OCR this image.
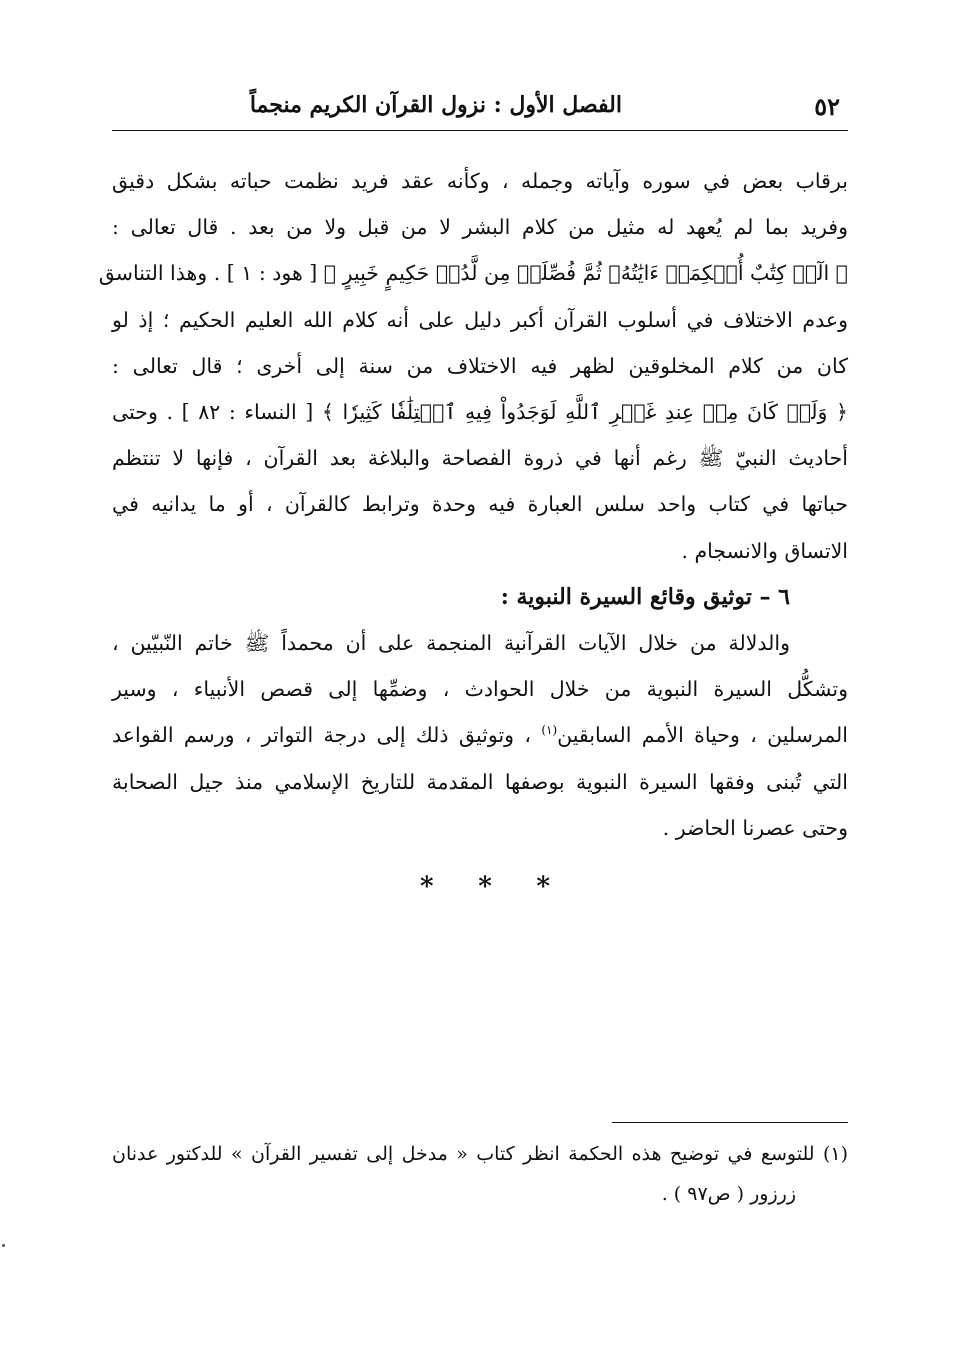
٥٢
الفصل الأول : نزول القرآن الكريم منجماً

برقاب بعض في سوره وآياته وجمله ، وكأنه عقد فريد نظمت حباته بشكل دقيق
وفريد بما لم يُعهد له مثيل من كلام البشر لا من قبل ولا من بعد . قال تعالى :
﴿ الٓرۚ كِتَٰبٌ أُحۡكِمَتۡ ءَايَٰتُهُۥ ثُمَّ فُصِّلَتۡ مِن لَّدُنۡ حَكِيمٍ خَبِيرٍ ﴾ [ هود : ١ ] . وهذا التناسق
وعدم الاختلاف في أسلوب القرآن أكبر دليل على أنه كلام الله العليم الحكيم ؛ إذ لو
كان من كلام المخلوقين لظهر فيه الاختلاف من سنة إلى أخرى ؛ قال تعالى :
﴿ وَلَوۡ كَانَ مِنۡ عِندِ غَيۡرِ ٱللَّهِ لَوَجَدُواْ فِيهِ ٱخۡتِلَٰفٗا كَثِيرٗا ﴾ [ النساء : ٨٢ ] . وحتى
أحاديث النبيّ ﷺ رغم أنها في ذروة الفصاحة والبلاغة بعد القرآن ، فإنها لا تنتظم
حباتها في كتاب واحد سلس العبارة فيه وحدة وترابط كالقرآن ، أو ما يدانيه في
الاتساق والانسجام .

٦ – توثيق وقائع السيرة النبوية :

والدلالة من خلال الآيات القرآنية المنجمة على أن محمداً ﷺ خاتم النّبيّين ،
وتشكُّل السيرة النبوية من خلال الحوادث ، وضمِّها إلى قصص الأنبياء ، وسير
المرسلين ، وحياة الأمم السابقين$^{(١)}$ ، وتوثيق ذلك إلى درجة التواتر ، ورسم القواعد
التي تُبنى وفقها السيرة النبوية بوصفها المقدمة للتاريخ الإسلامي منذ جيل الصحابة
وحتى عصرنا الحاضر .

* * *
(١) للتوسع في توضيح هذه الحكمة انظر كتاب « مدخل إلى تفسير القرآن » للدكتور عدنان
زرزور ( ص٩٧ ) .
